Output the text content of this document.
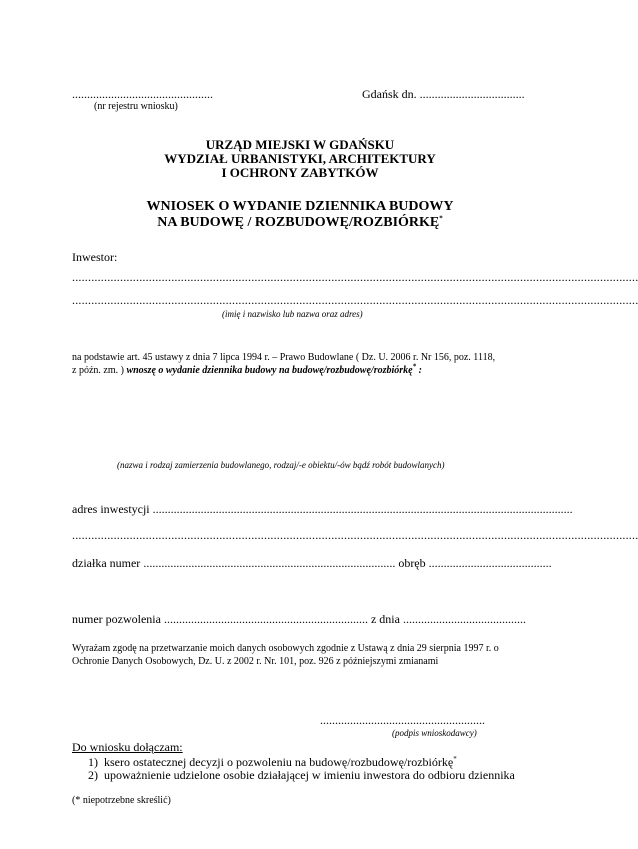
...............................................
(nr rejestru wniosku)
Gdańsk dn. ...................................
URZĄD MIEJSKI W GDAŃSKU
WYDZIAŁ URBANISTYKI, ARCHITEKTURY
I OCHRONY ZABYTKÓW
WNIOSEK O WYDANIE DZIENNIKA BUDOWY
NA BUDOWĘ / ROZBUDOWĘ/ROZBIÓRKĘ*
Inwestor:
.................................................................................................................................................................................
.................................................................................................................................................................................
(imię i nazwisko lub nazwa oraz adres)
na podstawie art. 45 ustawy z dnia 7 lipca 1994 r. – Prawo Budowlane ( Dz. U. 2006 r. Nr 156, poz. 1118,
z późn. zm. ) wnoszę o wydanie dziennika budowy na budowę/rozbudowę/rozbiórkę* :
(nazwa i rodzaj zamierzenia budowlanego, rodzaj/-e obiektu/-ów bądź robót budowlanych)
adres inwestycji ............................................................................................................................................
.................................................................................................................................................................................
działka numer .................................................................................... obręb .........................................
numer pozwolenia .................................................................... z dnia .........................................
Wyrażam zgodę na przetwarzanie moich danych osobowych zgodnie z Ustawą z dnia 29 sierpnia 1997 r. o
Ochronie Danych Osobowych, Dz. U. z 2002 r. Nr. 101, poz. 926 z późniejszymi zmianami
.......................................................
(podpis wnioskodawcy)
Do wniosku dołączam:
1) ksero ostatecznej decyzji o pozwoleniu na budowę/rozbudowę/rozbiórkę*
2) upoważnienie udzielone osobie działającej w imieniu inwestora do odbioru dziennika
(* niepotrzebne skreślić)
